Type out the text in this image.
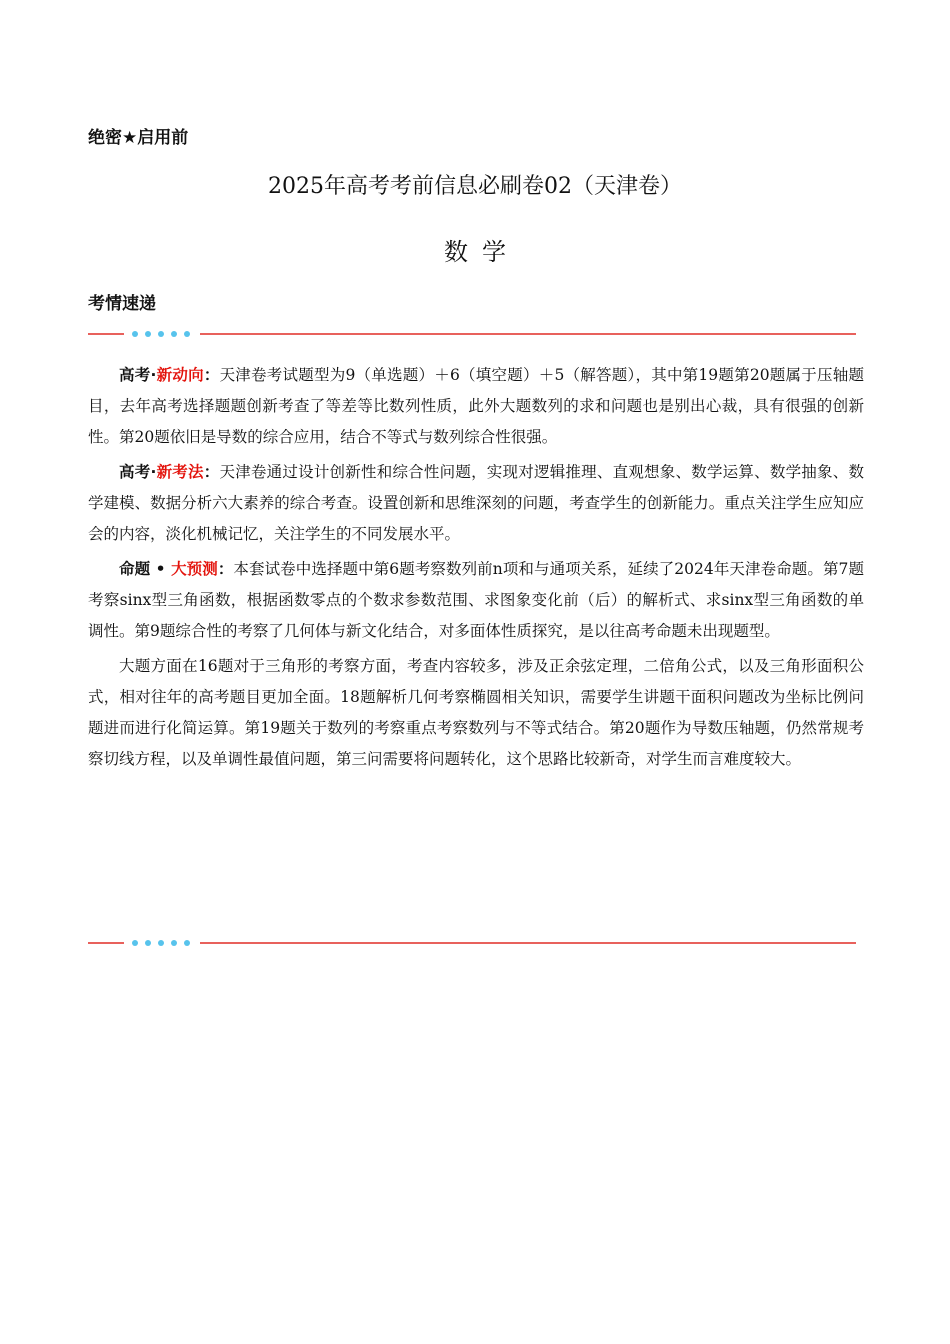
绝密★启用前
2025年高考考前信息必刷卷02（天津卷）
数学
考情速递

高考·新动向：天津卷考试题型为9（单选题）＋6（填空题）＋5（解答题），其中第19题第20题属于压轴题目，去年高考选择题题创新考查了等差等比数列性质，此外大题数列的求和问题也是别出心裁，具有很强的创新性。第20题依旧是导数的综合应用，结合不等式与数列综合性很强。

高考·新考法：天津卷通过设计创新性和综合性问题，实现对逻辑推理、直观想象、数学运算、数学抽象、数学建模、数据分析六大素养的综合考查。设置创新和思维深刻的问题，考查学生的创新能力。重点关注学生应知应会的内容，淡化机械记忆，关注学生的不同发展水平。

命题 • 大预测：本套试卷中选择题中第6题考察数列前n项和与通项关系，延续了2024年天津卷命题。第7题考察sinx型三角函数，根据函数零点的个数求参数范围、求图象变化前（后）的解析式、求sinx型三角函数的单调性。第9题综合性的考察了几何体与新文化结合，对多面体性质探究，是以往高考命题未出现题型。

大题方面在16题对于三角形的考察方面，考查内容较多，涉及正余弦定理，二倍角公式，以及三角形面积公式，相对往年的高考题目更加全面。18题解析几何考察椭圆相关知识，需要学生讲题干面积问题改为坐标比例问题进而进行化简运算。第19题关于数列的考察重点考察数列与不等式结合。第20题作为导数压轴题，仍然常规考察切线方程，以及单调性最值问题，第三问需要将问题转化，这个思路比较新奇，对学生而言难度较大。
